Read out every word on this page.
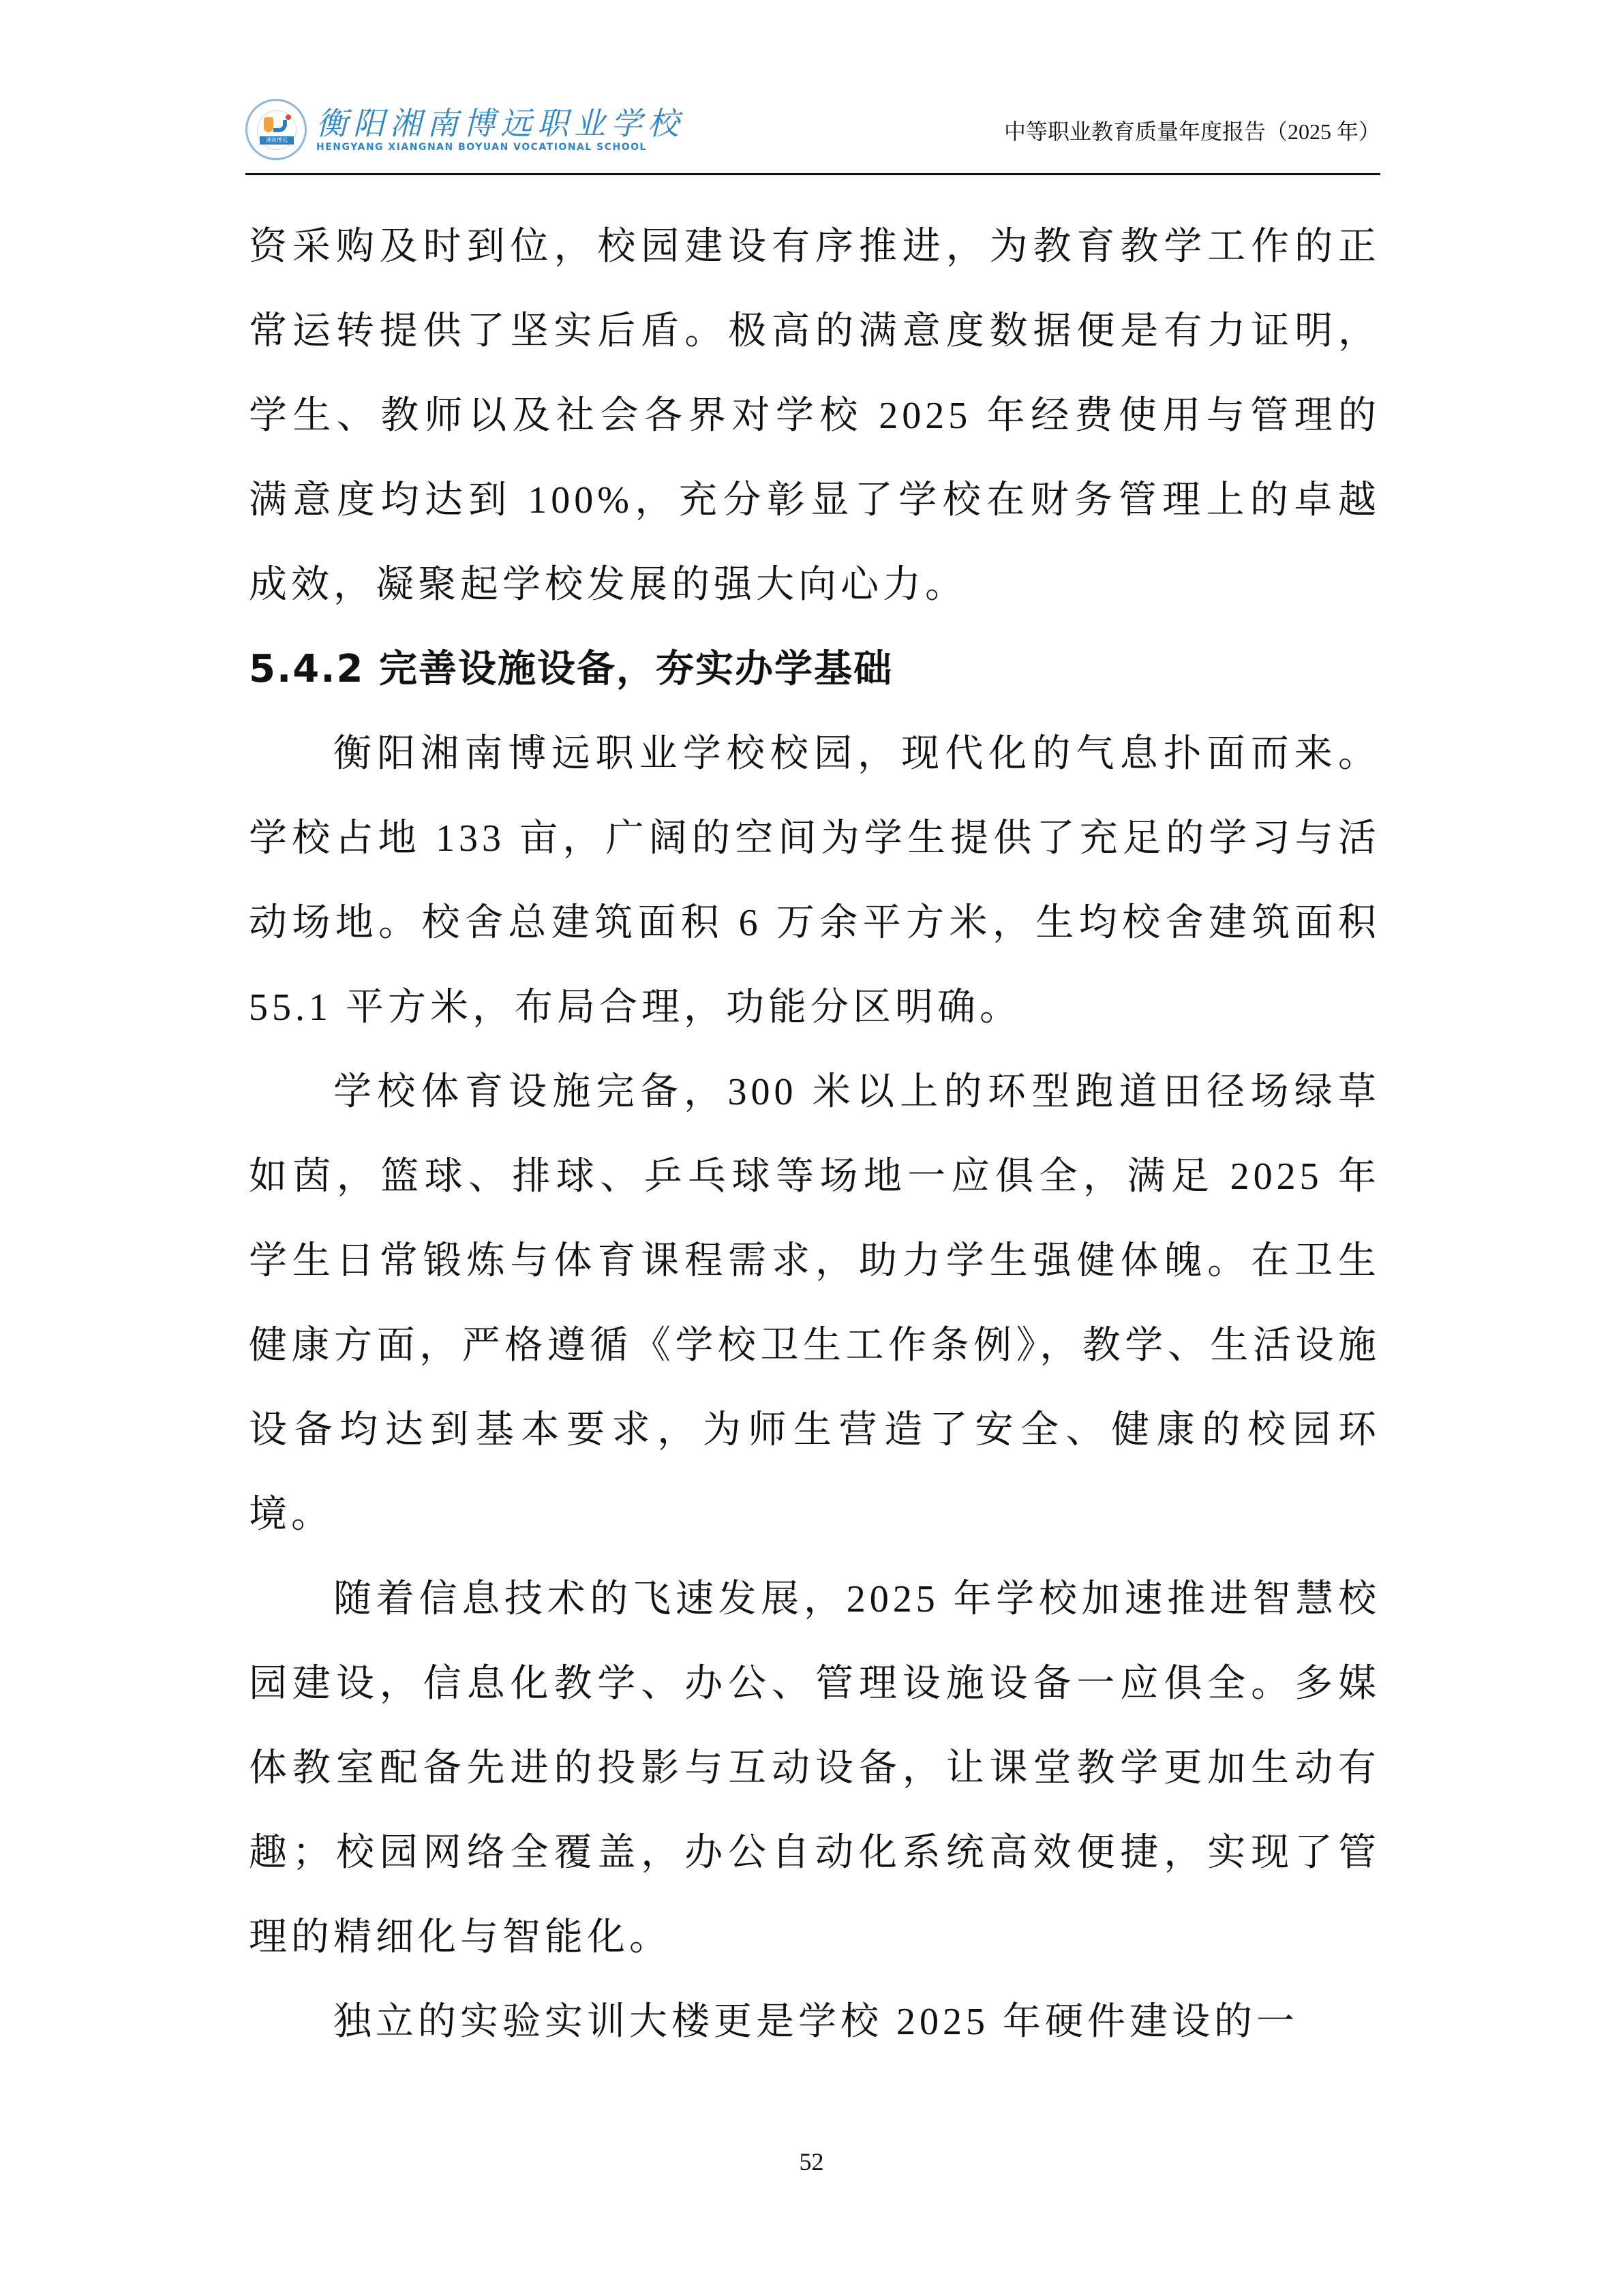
湘南博远 衡阳湘南博远职业学校
HENGYANG XIANGNAN BOYUAN VOCATIONAL SCHOOL
中等职业教育质量年度报告（2025 年）

资采购及时到位，校园建设有序推进，为教育教学工作的正常运转提供了坚实后盾。极高的满意度数据便是有力证明，学生、教师以及社会各界对学校 2025 年经费使用与管理的满意度均达到 100%，充分彰显了学校在财务管理上的卓越成效，凝聚起学校发展的强大向心力。

5.4.2 完善设施设备，夯实办学基础

衡阳湘南博远职业学校校园，现代化的气息扑面而来。学校占地 133 亩，广阔的空间为学生提供了充足的学习与活动场地。校舍总建筑面积 6 万余平方米，生均校舍建筑面积 55.1 平方米，布局合理，功能分区明确。

学校体育设施完备，300 米以上的环型跑道田径场绿草如茵，篮球、排球、乒乓球等场地一应俱全，满足 2025 年学生日常锻炼与体育课程需求，助力学生强健体魄。在卫生健康方面，严格遵循《学校卫生工作条例》，教学、生活设施设备均达到基本要求，为师生营造了安全、健康的校园环境。

随着信息技术的飞速发展，2025 年学校加速推进智慧校园建设，信息化教学、办公、管理设施设备一应俱全。多媒体教室配备先进的投影与互动设备，让课堂教学更加生动有趣；校园网络全覆盖，办公自动化系统高效便捷，实现了管理的精细化与智能化。

独立的实验实训大楼更是学校 2025 年硬件建设的一

52
